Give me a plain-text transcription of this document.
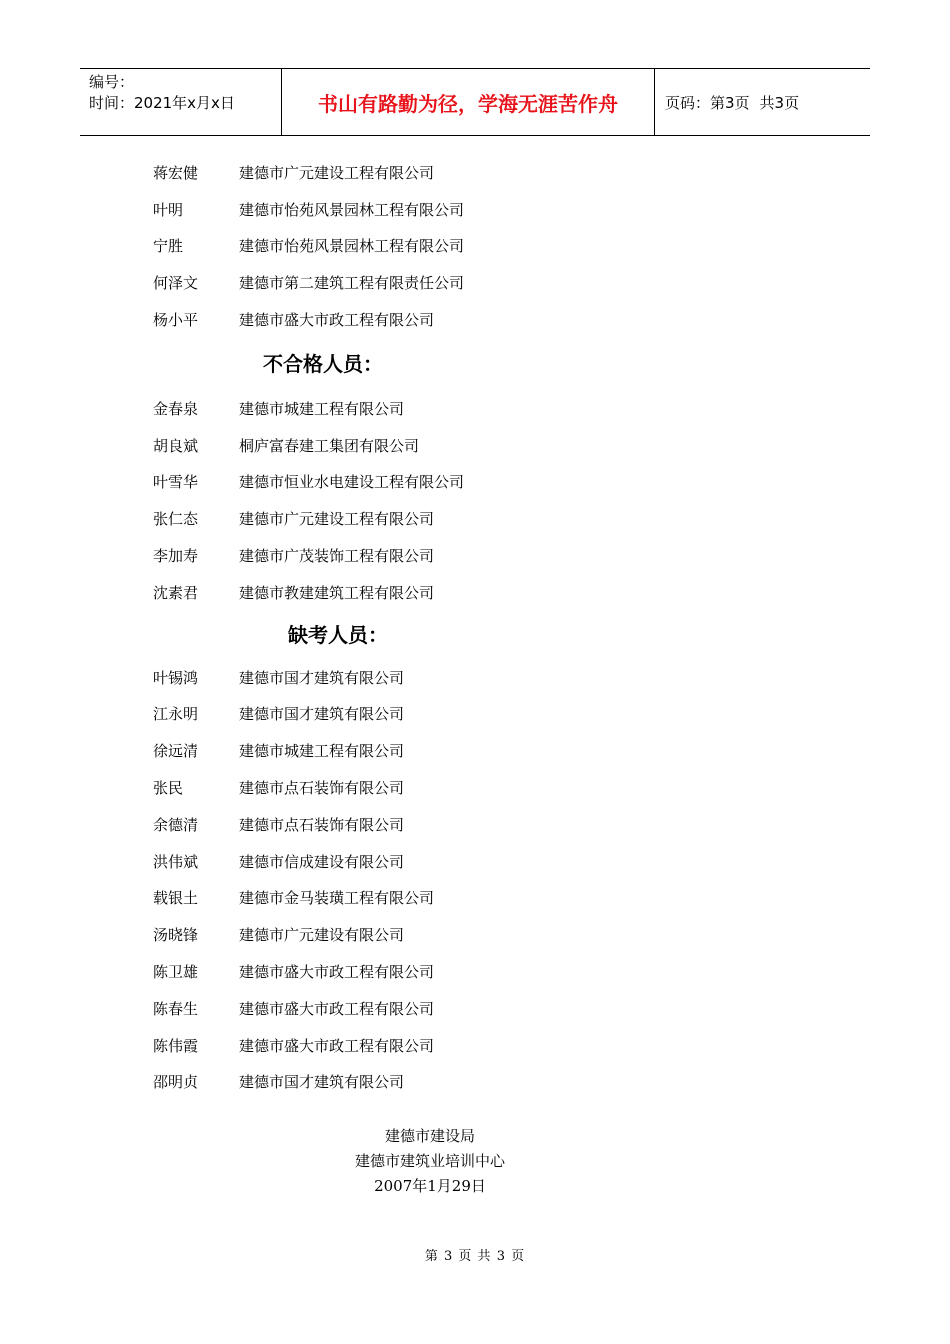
编号：
时间：2021年x月x日	书山有路勤为径，学海无涯苦作舟	页码：第3页 共3页
蒋宏健	建德市广元建设工程有限公司
叶明	建德市怡苑风景园林工程有限公司
宁胜	建德市怡苑风景园林工程有限公司
何泽文	建德市第二建筑工程有限责任公司
杨小平	建德市盛大市政工程有限公司
不合格人员：
金春泉	建德市城建工程有限公司
胡良斌	桐庐富春建工集团有限公司
叶雪华	建德市恒业水电建设工程有限公司
张仁态	建德市广元建设工程有限公司
李加寿	建德市广茂装饰工程有限公司
沈素君	建德市教建建筑工程有限公司
缺考人员：
叶锡鸿	建德市国才建筑有限公司
江永明	建德市国才建筑有限公司
徐远清	建德市城建工程有限公司
张民	建德市点石装饰有限公司
余德清	建德市点石装饰有限公司
洪伟斌	建德市信成建设有限公司
载银土	建德市金马装璜工程有限公司
汤晓锋	建德市广元建设有限公司
陈卫雄	建德市盛大市政工程有限公司
陈春生	建德市盛大市政工程有限公司
陈伟霞	建德市盛大市政工程有限公司
邵明贞	建德市国才建筑有限公司
建德市建设局
建德市建筑业培训中心
2007年1月29日
第 3 页 共 3 页
